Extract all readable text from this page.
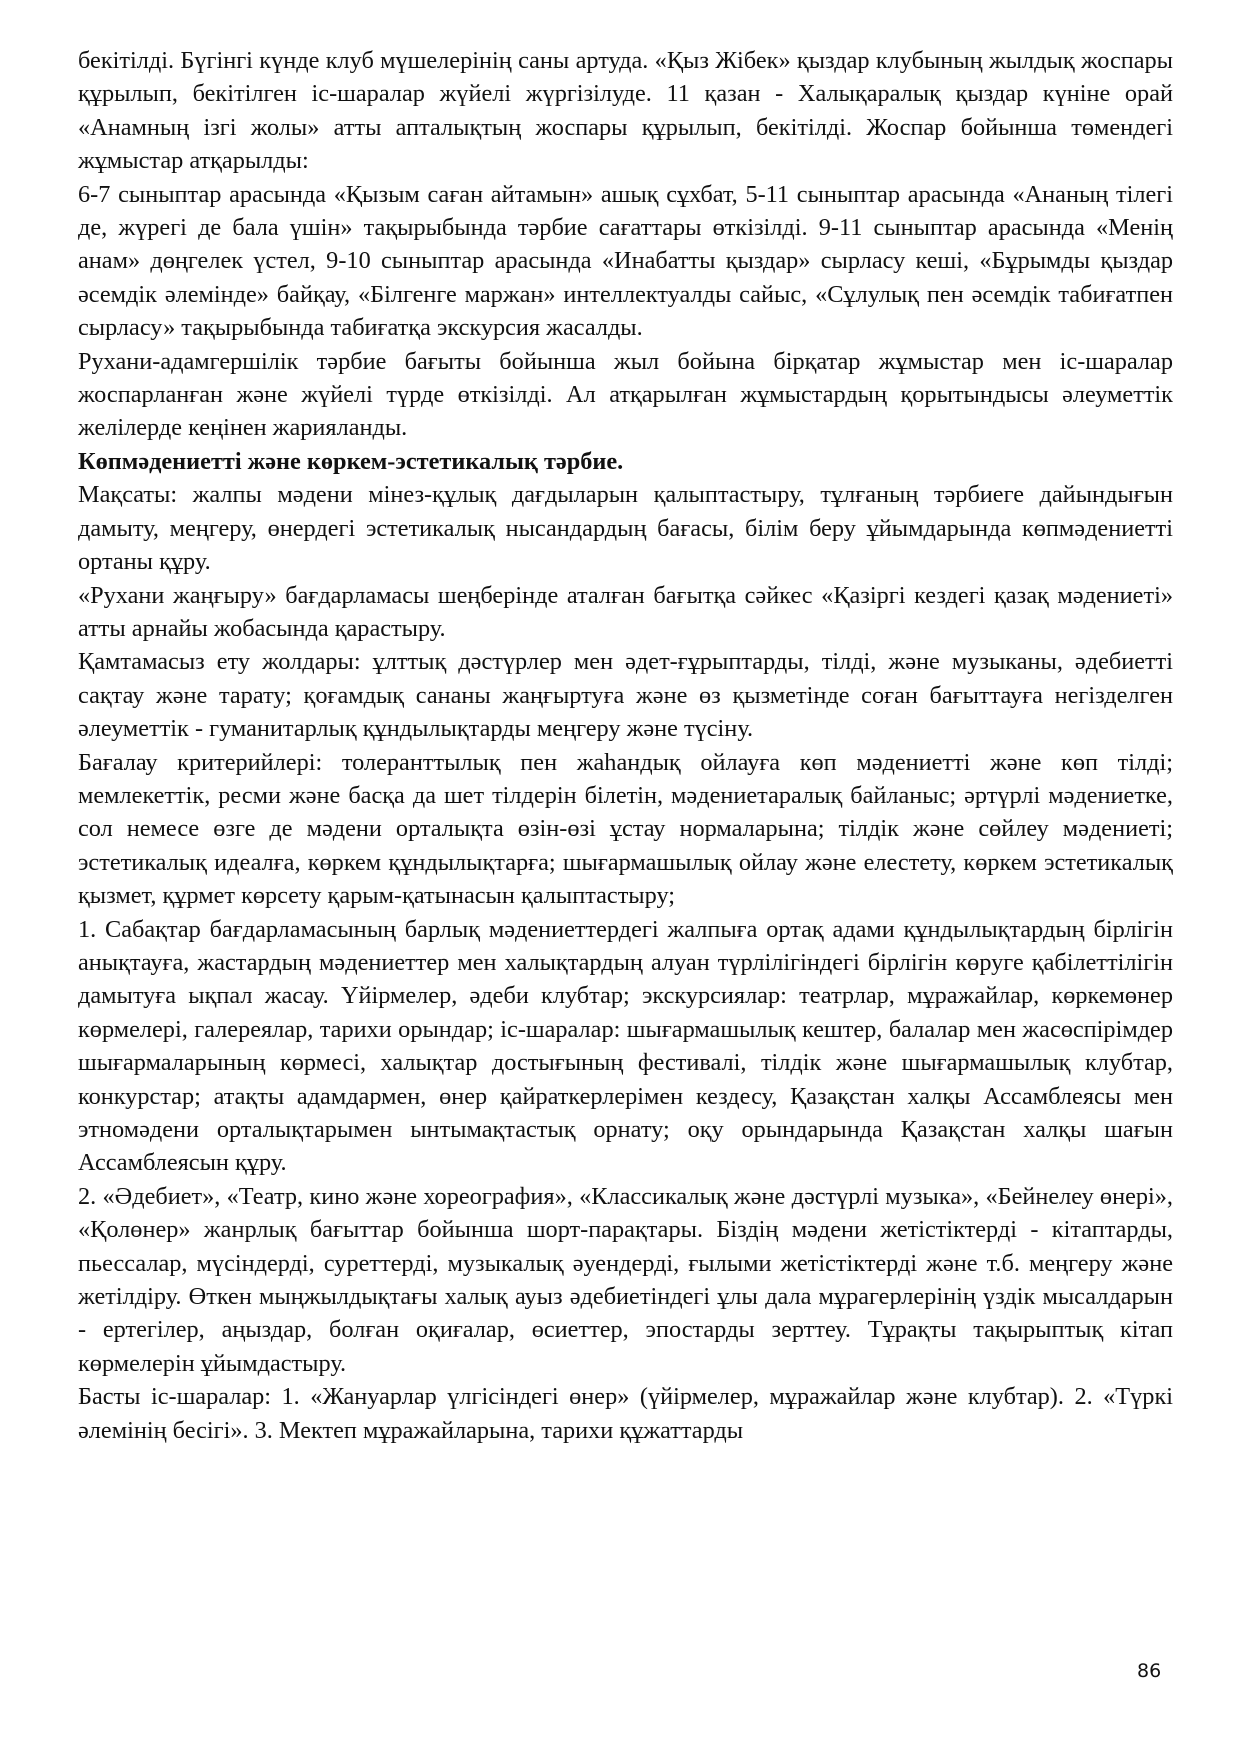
бекітілді. Бүгінгі күнде клуб мүшелерінің саны артуда. «Қыз Жібек» қыздар клубының жылдық жоспары құрылып, бекітілген іс-шаралар жүйелі жүргізілуде. 11 қазан - Халықаралық қыздар күніне орай «Анамның ізгі жолы» атты апталықтың жоспары құрылып, бекітілді. Жоспар бойынша төмендегі жұмыстар атқарылды:

6-7 сыныптар арасында «Қызым саған айтамын» ашық сұхбат, 5-11 сыныптар арасында «Ананың тілегі де, жүрегі де бала үшін» тақырыбында тәрбие сағаттары өткізілді. 9-11 сыныптар арасында «Менің анам» дөңгелек үстел, 9-10 сыныптар арасында «Инабатты қыздар» сырласу кеші, «Бұрымды қыздар әсемдік әлемінде» байқау, «Білгенге маржан» интеллектуалды сайыс, «Сұлулық пен әсемдік табиғатпен сырласу» тақырыбында табиғатқа экскурсия жасалды.

Рухани-адамгершілік тәрбие бағыты бойынша жыл бойына бірқатар жұмыстар мен іс-шаралар жоспарланған және жүйелі түрде өткізілді. Ал атқарылған жұмыстардың қорытындысы әлеуметтік желілерде кеңінен жарияланды.

Көпмәдениетті және көркем-эстетикалық тәрбие.

Мақсаты: жалпы мәдени мінез-құлық дағдыларын қалыптастыру, тұлғаның тәрбиеге дайындығын дамыту, меңгеру, өнердегі эстетикалық нысандардың бағасы, білім беру ұйымдарында көпмәдениетті ортаны құру.

«Рухани жаңғыру» бағдарламасы шеңберінде аталған бағытқа сәйкес «Қазіргі кездегі қазақ мәдениеті» атты арнайы жобасында қарастыру.

Қамтамасыз ету жолдары: ұлттық дәстүрлер мен әдет-ғұрыптарды, тілді, және музыканы, әдебиетті сақтау және тарату; қоғамдық сананы жаңғыртуға және өз қызметінде соған бағыттауға негізделген әлеуметтік - гуманитарлық құндылықтарды меңгеру және түсіну.

Бағалау критерийлері: толеранттылық пен жаһандық ойлауға көп мәдениетті және көп тілді; мемлекеттік, ресми және басқа да шет тілдерін білетін, мәдениетаралық байланыс; әртүрлі мәдениетке, сол немесе өзге де мәдени орталықта өзін-өзі ұстау нормаларына; тілдік және сөйлеу мәдениеті; эстетикалық идеалға, көркем құндылықтарға; шығармашылық ойлау және елестету, көркем эстетикалық қызмет, құрмет көрсету қарым-қатынасын қалыптастыру;

1. Сабақтар бағдарламасының барлық мәдениеттердегі жалпыға ортақ адами құндылықтардың бірлігін анықтауға, жастардың мәдениеттер мен халықтардың алуан түрлілігіндегі бірлігін көруге қабілеттілігін дамытуға ықпал жасау. Үйірмелер, әдеби клубтар; экскурсиялар: театрлар, мұражайлар, көркемөнер көрмелері, галереялар, тарихи орындар; іс-шаралар: шығармашылық кештер, балалар мен жасөспірімдер шығармаларының көрмесі, халықтар достығының фестивалі, тілдік және шығармашылық клубтар, конкурстар; атақты адамдармен, өнер қайраткерлерімен кездесу, Қазақстан халқы Ассамблеясы мен этномәдени орталықтарымен ынтымақтастық орнату; оқу орындарында Қазақстан халқы шағын Ассамблеясын құру.

2. «Әдебиет», «Театр, кино және хореография», «Классикалық және дәстүрлі музыка», «Бейнелеу өнері», «Қолөнер» жанрлық бағыттар бойынша шорт-парақтары. Біздің мәдени жетістіктерді - кітаптарды, пьессалар, мүсіндерді, суреттерді, музыкалық әуендерді, ғылыми жетістіктерді және т.б. меңгеру және жетілдіру. Өткен мыңжылдықтағы халық ауыз әдебиетіндегі ұлы дала мұрагерлерінің үздік мысалдарын - ертегілер, аңыздар, болған оқиғалар, өсиеттер, эпостарды зерттеу. Тұрақты тақырыптық кітап көрмелерін ұйымдастыру.

Басты іс-шаралар: 1. «Жануарлар үлгісіндегі өнер» (үйірмелер, мұражайлар және клубтар). 2. «Түркі әлемінің бесігі». 3. Мектеп мұражайларына, тарихи құжаттарды

86
